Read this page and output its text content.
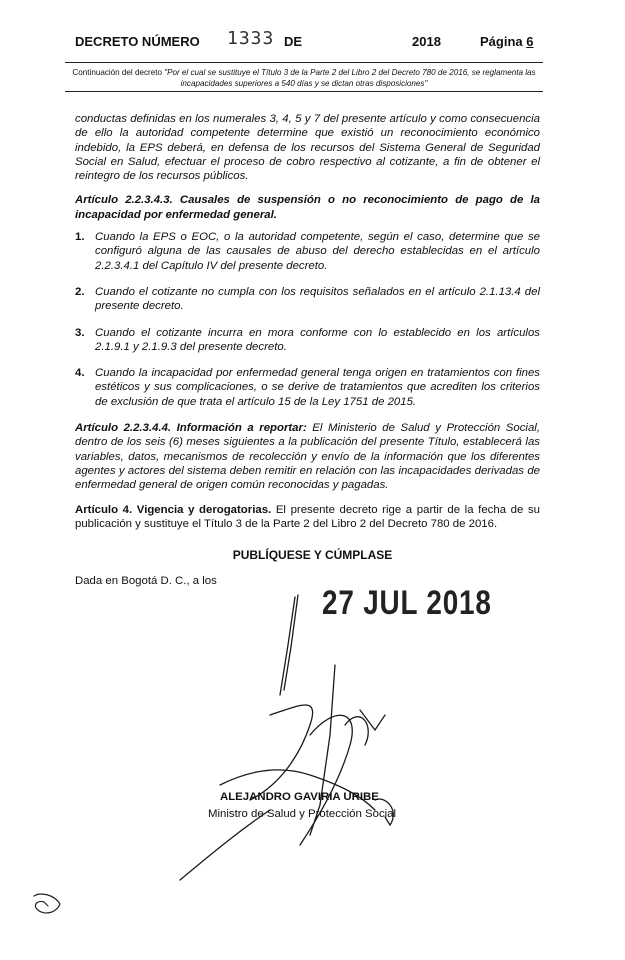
DECRETO NÚMERO 1333 DE	2018	Página 6
Continuación del decreto "Por el cual se sustituye el Título 3 de la Parte 2 del Libro 2 del Decreto 780 de 2016, se reglamenta las incapacidades superiores a 540 días y se dictan otras disposiciones"

conductas definidas en los numerales 3, 4, 5 y 7 del presente artículo y como consecuencia de ello la autoridad competente determine que existió un reconocimiento económico indebido, la EPS deberá, en defensa de los recursos del Sistema General de Seguridad Social en Salud, efectuar el proceso de cobro respectivo al cotizante, a fin de obtener el reintegro de los recursos públicos.

Artículo 2.2.3.4.3. Causales de suspensión o no reconocimiento de pago de la incapacidad por enfermedad general.

1. Cuando la EPS o EOC, o la autoridad competente, según el caso, determine que se configuró alguna de las causales de abuso del derecho establecidas en el artículo 2.2.3.4.1 del Capítulo IV del presente decreto.
2. Cuando el cotizante no cumpla con los requisitos señalados en el artículo 2.1.13.4 del presente decreto.
3. Cuando el cotizante incurra en mora conforme con lo establecido en los artículos 2.1.9.1 y 2.1.9.3 del presente decreto.
4. Cuando la incapacidad por enfermedad general tenga origen en tratamientos con fines estéticos y sus complicaciones, o se derive de tratamientos que acrediten los criterios de exclusión de que trata el artículo 15 de la Ley 1751 de 2015.

Artículo 2.2.3.4.4. Información a reportar: El Ministerio de Salud y Protección Social, dentro de los seis (6) meses siguientes a la publicación del presente Título, establecerá las variables, datos, mecanismos de recolección y envío de la información que los diferentes agentes y actores del sistema deben remitir en relación con las incapacidades derivadas de enfermedad general de origen común reconocidas y pagadas.

Artículo 4. Vigencia y derogatorias. El presente decreto rige a partir de la fecha de su publicación y sustituye el Título 3 de la Parte 2 del Libro 2 del Decreto 780 de 2016.

PUBLÍQUESE Y CÚMPLASE
Dada en Bogotá D. C., a los
27 JUL 2018
ALEJANDRO GAVIRIA URIBE
Ministro de Salud y Protección Social
